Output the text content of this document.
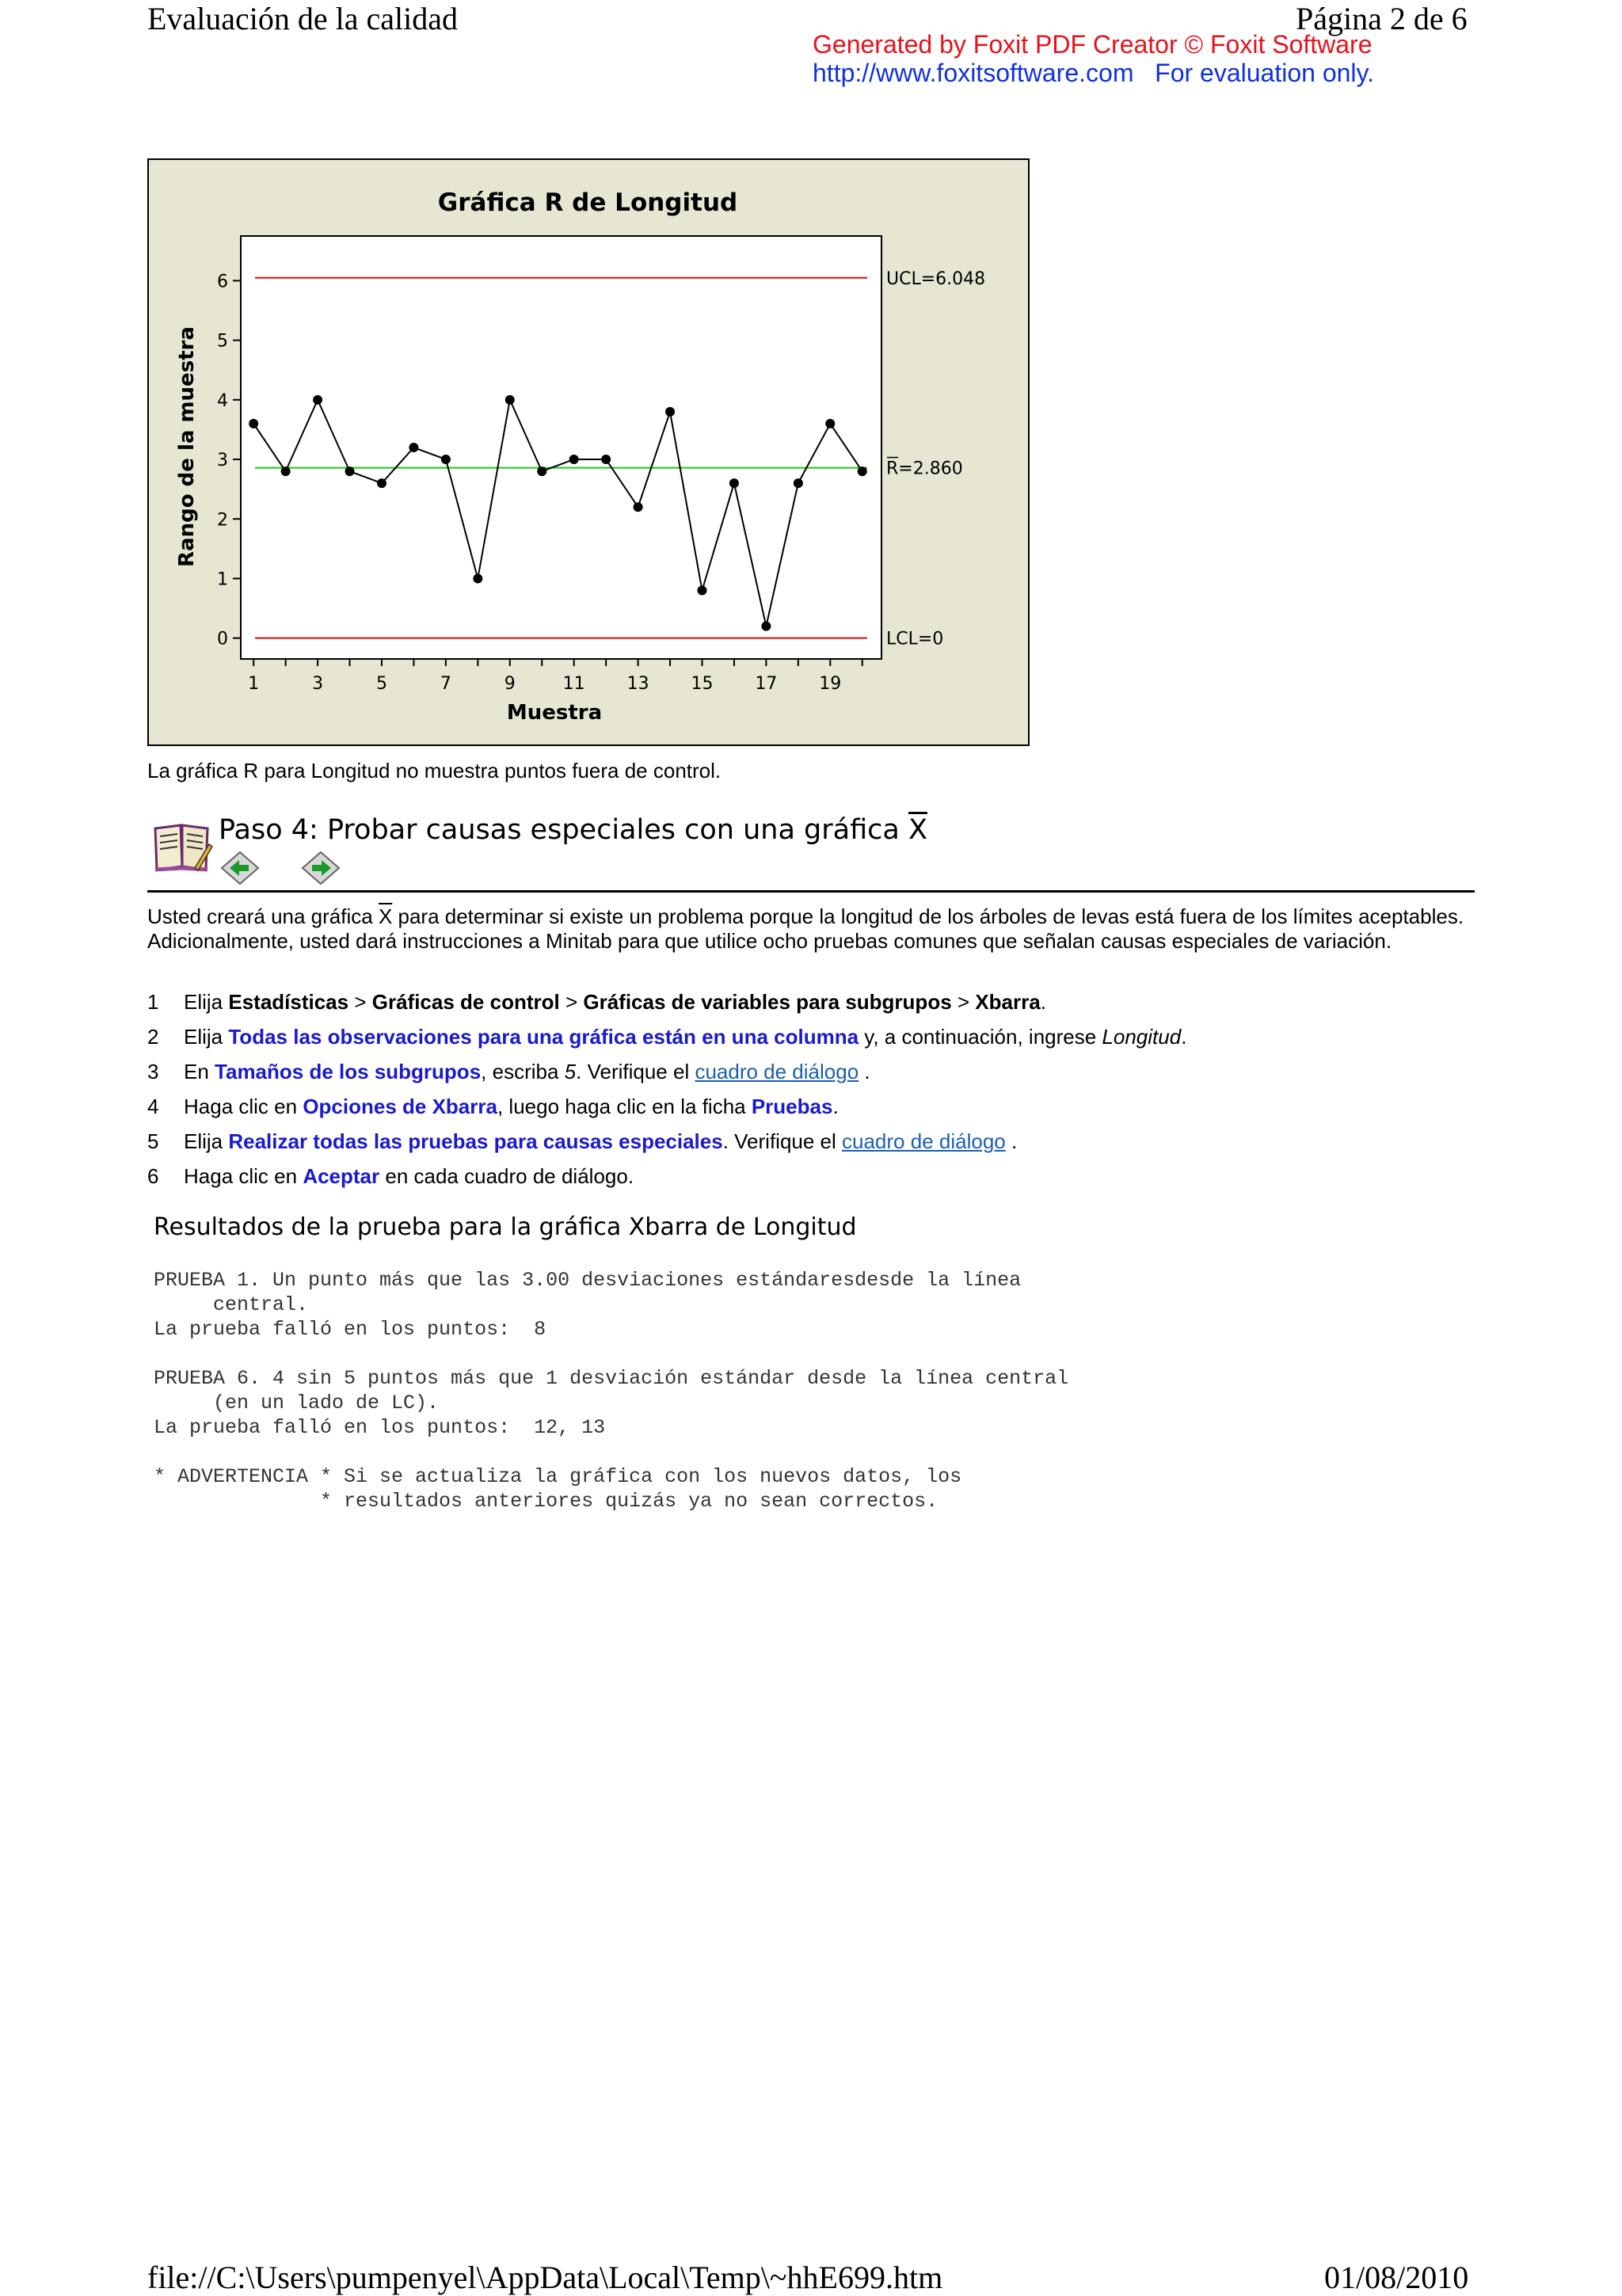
Evaluación de la calidad	Página 2 de 6
Generated by Foxit PDF Creator © Foxit Software
http://www.foxitsoftware.com For evaluation only.
Gráfica R de Longitud
0
1
2
3
4
5
6
1	3	5	7	9	11 13 15 17 19
UCL=6.048
R=2.860
LCL=0
Muestra
Rango de la muestra
La gráfica R para Longitud no muestra puntos fuera de control.
Paso 4: Probar causas especiales con una gráfica $\overline{X}$
Usted creará una gráfica $\overline{X}$ para determinar si existe un problema porque la longitud de los árboles de levas está fuera de los límites aceptables. Adicionalmente, usted dará instrucciones a Minitab para que utilice ocho pruebas comunes que señalan causas especiales de variación.
1 Elija Estadísticas > Gráficas de control > Gráficas de variables para subgrupos > Xbarra.
2 Elija Todas las observaciones para una gráfica están en una columna y, a continuación, ingrese Longitud.
3 En Tamaños de los subgrupos, escriba 5. Verifique el cuadro de diálogo .
4 Haga clic en Opciones de Xbarra, luego haga clic en la ficha Pruebas.
5 Elija Realizar todas las pruebas para causas especiales. Verifique el cuadro de diálogo .
6 Haga clic en Aceptar en cada cuadro de diálogo.
Resultados de la prueba para la gráfica Xbarra de Longitud
PRUEBA 1. Un punto más que las 3.00 desviaciones estándaresdesde la línea
central.
La prueba falló en los puntos:  8
PRUEBA 6. 4 sin 5 puntos más que 1 desviación estándar desde la línea central
(en un lado de LC).
La prueba falló en los puntos:  12, 13
* ADVERTENCIA * Si se actualiza la gráfica con los nuevos datos, los
* resultados anteriores quizás ya no sean correctos.
file://C:\Users\pumpenyel\AppData\Local\Temp\~hhE699.htm	01/08/2010
